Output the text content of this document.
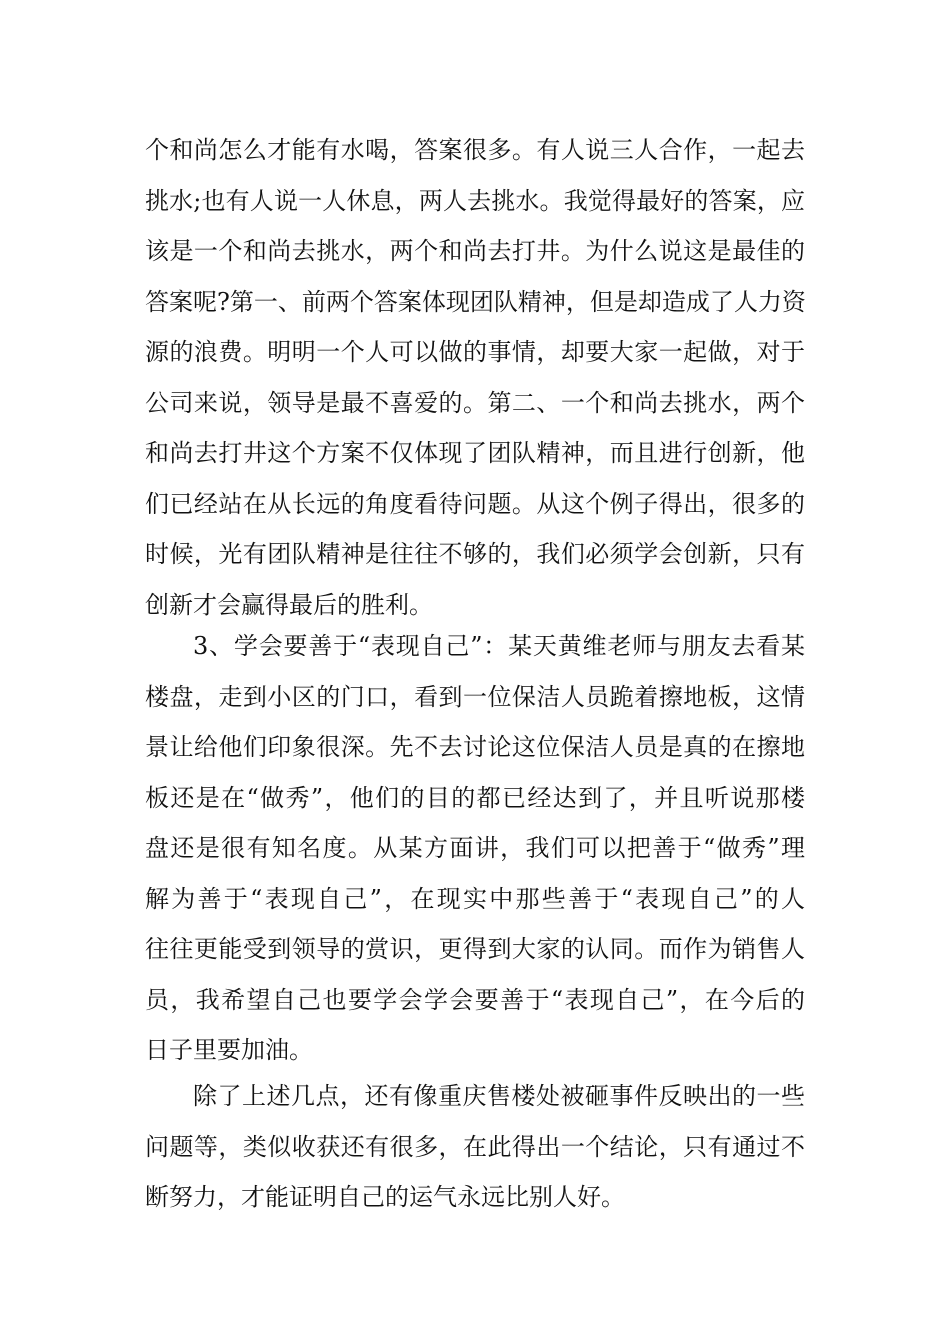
个和尚怎么才能有水喝，答案很多。有人说三人合作，一起去
挑水;也有人说一人休息，两人去挑水。我觉得最好的答案，应
该是一个和尚去挑水，两个和尚去打井。为什么说这是最佳的
答案呢?第一、前两个答案体现团队精神，但是却造成了人力资
源的浪费。明明一个人可以做的事情，却要大家一起做，对于
公司来说，领导是最不喜爱的。第二、一个和尚去挑水，两个
和尚去打井这个方案不仅体现了团队精神，而且进行创新，他
们已经站在从长远的角度看待问题。从这个例子得出，很多的
时候，光有团队精神是往往不够的，我们必须学会创新，只有
创新才会赢得最后的胜利。
3、学会要善于“表现自己”：某天黄维老师与朋友去看某
楼盘，走到小区的门口，看到一位保洁人员跪着擦地板，这情
景让给他们印象很深。先不去讨论这位保洁人员是真的在擦地
板还是在“做秀”，他们的目的都已经达到了，并且听说那楼
盘还是很有知名度。从某方面讲，我们可以把善于“做秀”理
解为善于“表现自己”，在现实中那些善于“表现自己”的人
往往更能受到领导的赏识，更得到大家的认同。而作为销售人
员，我希望自己也要学会学会要善于“表现自己”，在今后的
日子里要加油。
除了上述几点，还有像重庆售楼处被砸事件反映出的一些
问题等，类似收获还有很多，在此得出一个结论，只有通过不
断努力，才能证明自己的运气永远比别人好。
